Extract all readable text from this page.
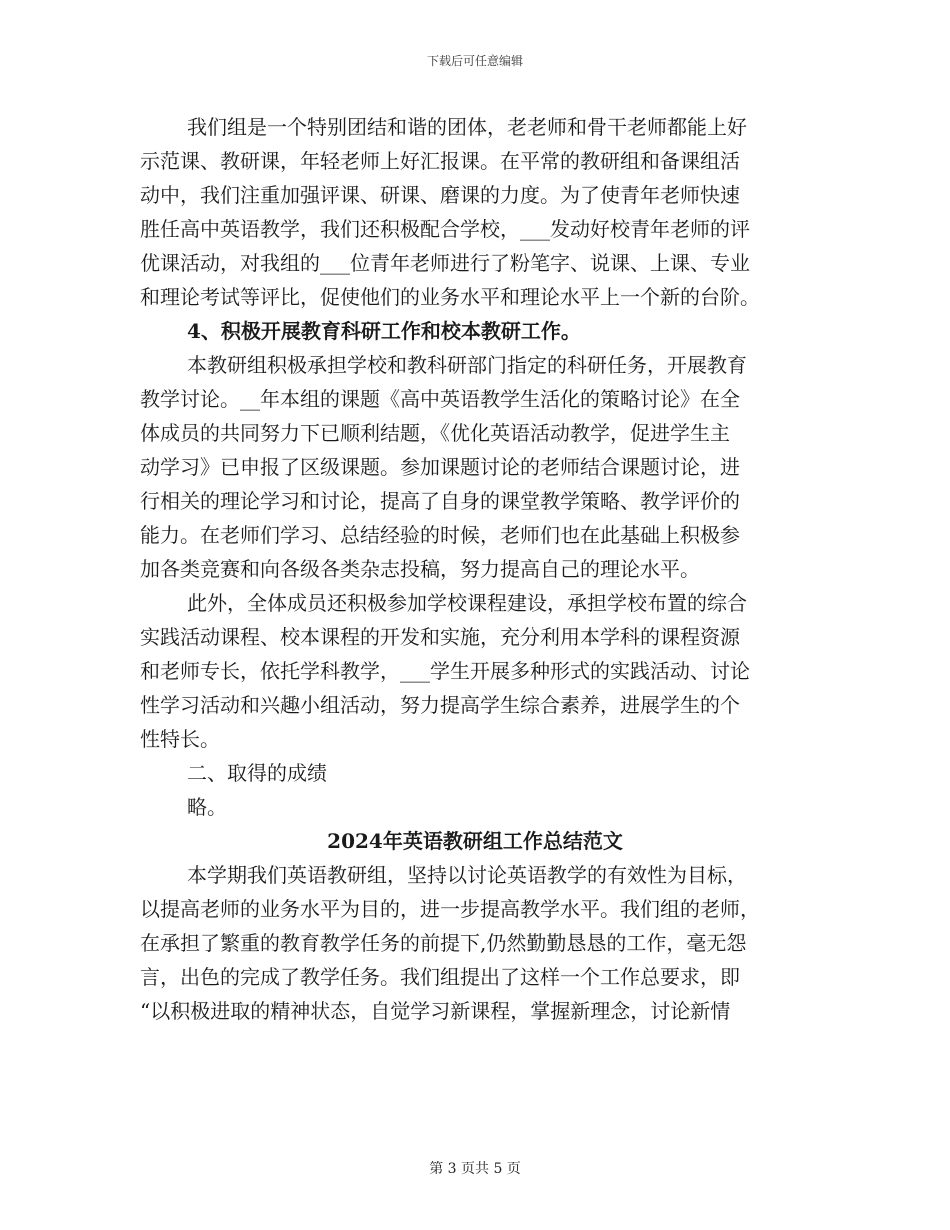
下载后可任意编辑
我们组是一个特别团结和谐的团体，老老师和骨干老师都能上好
示范课、教研课，年轻老师上好汇报课。在平常的教研组和备课组活
动中，我们注重加强评课、研课、磨课的力度。为了使青年老师快速
胜任高中英语教学，我们还积极配合学校，___发动好校青年老师的评
优课活动，对我组的___位青年老师进行了粉笔字、说课、上课、专业
和理论考试等评比，促使他们的业务水平和理论水平上一个新的台阶。
4、积极开展教育科研工作和校本教研工作。
本教研组积极承担学校和教科研部门指定的科研任务，开展教育
教学讨论。__年本组的课题《高中英语教学生活化的策略讨论》在全
体成员的共同努力下已顺利结题，《优化英语活动教学，促进学生主
动学习》已申报了区级课题。参加课题讨论的老师结合课题讨论，进
行相关的理论学习和讨论，提高了自身的课堂教学策略、教学评价的
能力。在老师们学习、总结经验的时候，老师们也在此基础上积极参
加各类竞赛和向各级各类杂志投稿，努力提高自己的理论水平。
此外，全体成员还积极参加学校课程建设，承担学校布置的综合
实践活动课程、校本课程的开发和实施，充分利用本学科的课程资源
和老师专长，依托学科教学，___学生开展多种形式的实践活动、讨论
性学习活动和兴趣小组活动，努力提高学生综合素养，进展学生的个
性特长。
二、取得的成绩
略。
2024年英语教研组工作总结范文
本学期我们英语教研组，坚持以讨论英语教学的有效性为目标，
以提高老师的业务水平为目的，进一步提高教学水平。我们组的老师，
在承担了繁重的教育教学任务的前提下,仍然勤勤恳恳的工作，毫无怨
言，出色的完成了教学任务。我们组提出了这样一个工作总要求，即
“以积极进取的精神状态，自觉学习新课程，掌握新理念，讨论新情
第 3 页共 5 页
